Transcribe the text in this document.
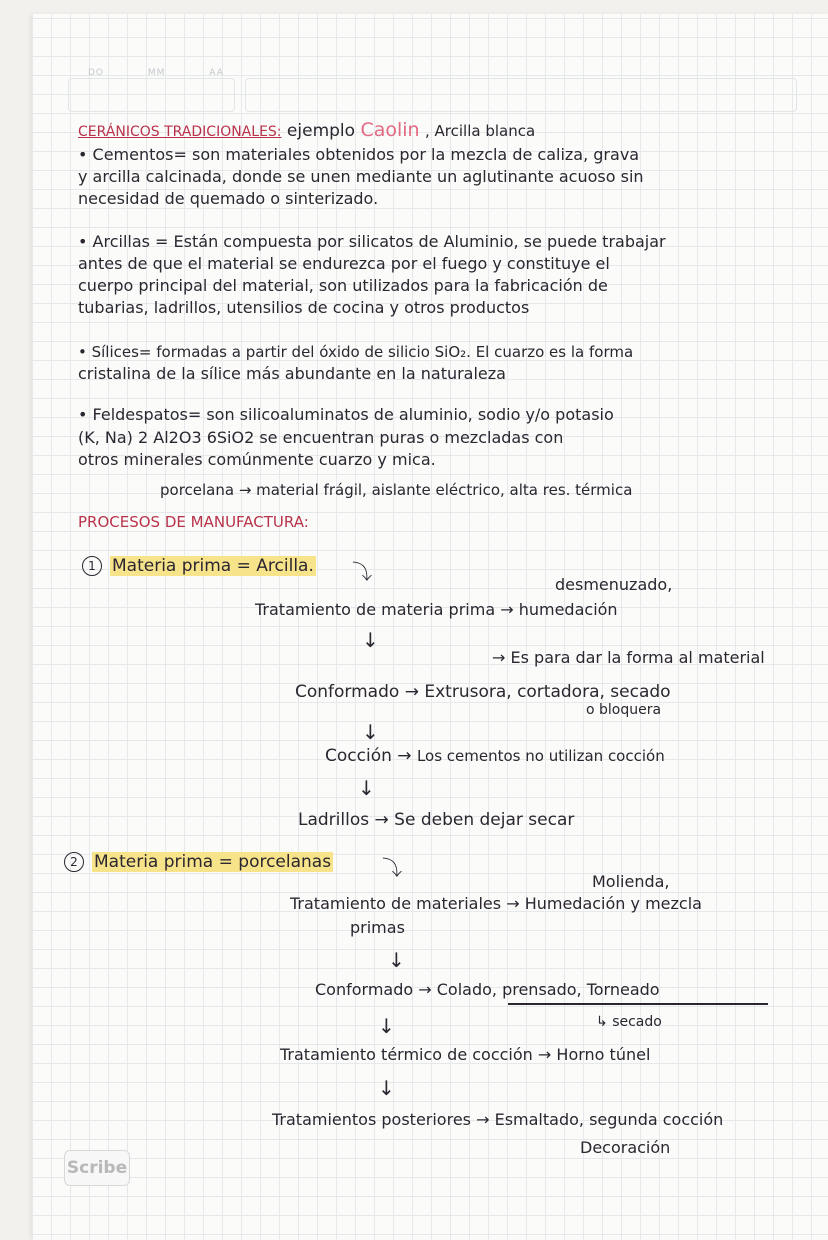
DO	MM	AA
CERÁNICOS TRADICIONALES: ejemplo Caolin , Arcilla blanca
• Cementos= son materiales obtenidos por la mezcla de caliza, grava
y arcilla calcinada, donde se unen mediante un aglutinante acuoso sin
necesidad de quemado o sinterizado.
• Arcillas = Están compuesta por silicatos de Aluminio, se puede trabajar
antes de que el material se endurezca por el fuego y constituye el
cuerpo principal del material, son utilizados para la fabricación de
tubarias, ladrillos, utensilios de cocina y otros productos
• Sílices= formadas a partir del óxido de silicio SiO₂. El cuarzo es la forma
cristalina de la sílice más abundante en la naturaleza
• Feldespatos= son silicoaluminatos de aluminio, sodio y/o potasio
(K, Na) 2 Al2O3 6SiO2 se encuentran puras o mezcladas con
otros minerales comúnmente cuarzo y mica.
porcelana → material frágil, aislante eléctrico, alta res. térmica
PROCESOS DE MANUFACTURA:
1 Materia prima = Arcilla. ⤵
desmenuzado,
Tratamiento de materia prima → humedación
↓
→ Es para dar la forma al material
Conformado → Extrusora, cortadora, secado
o bloquera
↓
Cocción → Los cementos no utilizan cocción
↓
Ladrillos → Se deben dejar secar
2 Materia prima = porcelanas	⤵
Molienda,
Tratamiento de materiales → Humedación y mezcla
primas
↓
Conformado → Colado, prensado, Torneado
↳ secado
↓
Tratamiento térmico de cocción → Horno túnel
↓
Tratamientos posteriores → Esmaltado, segunda cocción
Decoración
Scribe
